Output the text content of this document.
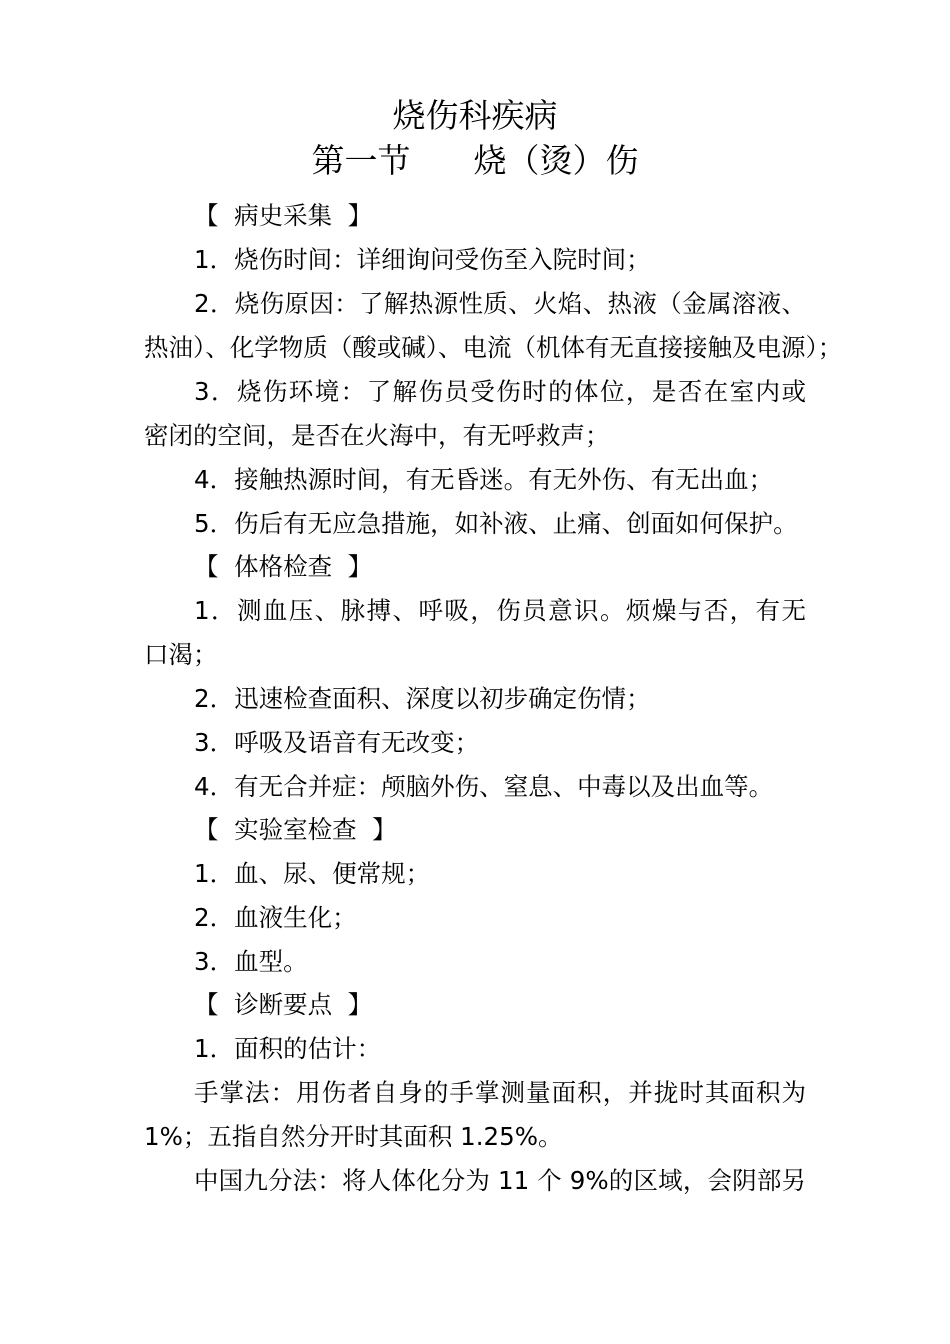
烧伤科疾病
第一节      烧（烫）伤
【  病史采集  】
1．烧伤时间：详细询问受伤至入院时间；
2．烧伤原因：了解热源性质、火焰、热液（金属溶液、
热油）、化学物质（酸或碱）、电流（机体有无直接接触及电源）；
3．烧伤环境：了解伤员受伤时的体位，是否在室内或
密闭的空间，是否在火海中，有无呼救声；
4．接触热源时间，有无昏迷。有无外伤、有无出血；
5．伤后有无应急措施，如补液、止痛、创面如何保护。
【  体格检查  】
1．测血压、脉搏、呼吸，伤员意识。烦燥与否，有无
口渴；
2．迅速检查面积、深度以初步确定伤情；
3．呼吸及语音有无改变；
4．有无合并症：颅脑外伤、窒息、中毒以及出血等。
【  实验室检查  】
1．血、尿、便常规；
2．血液生化；
3．血型。
【  诊断要点  】
1．面积的估计：
手掌法：用伤者自身的手掌测量面积，并拢时其面积为
1%；五指自然分开时其面积 1.25%。
中国九分法：将人体化分为 11 个 9%的区域，会阴部另
